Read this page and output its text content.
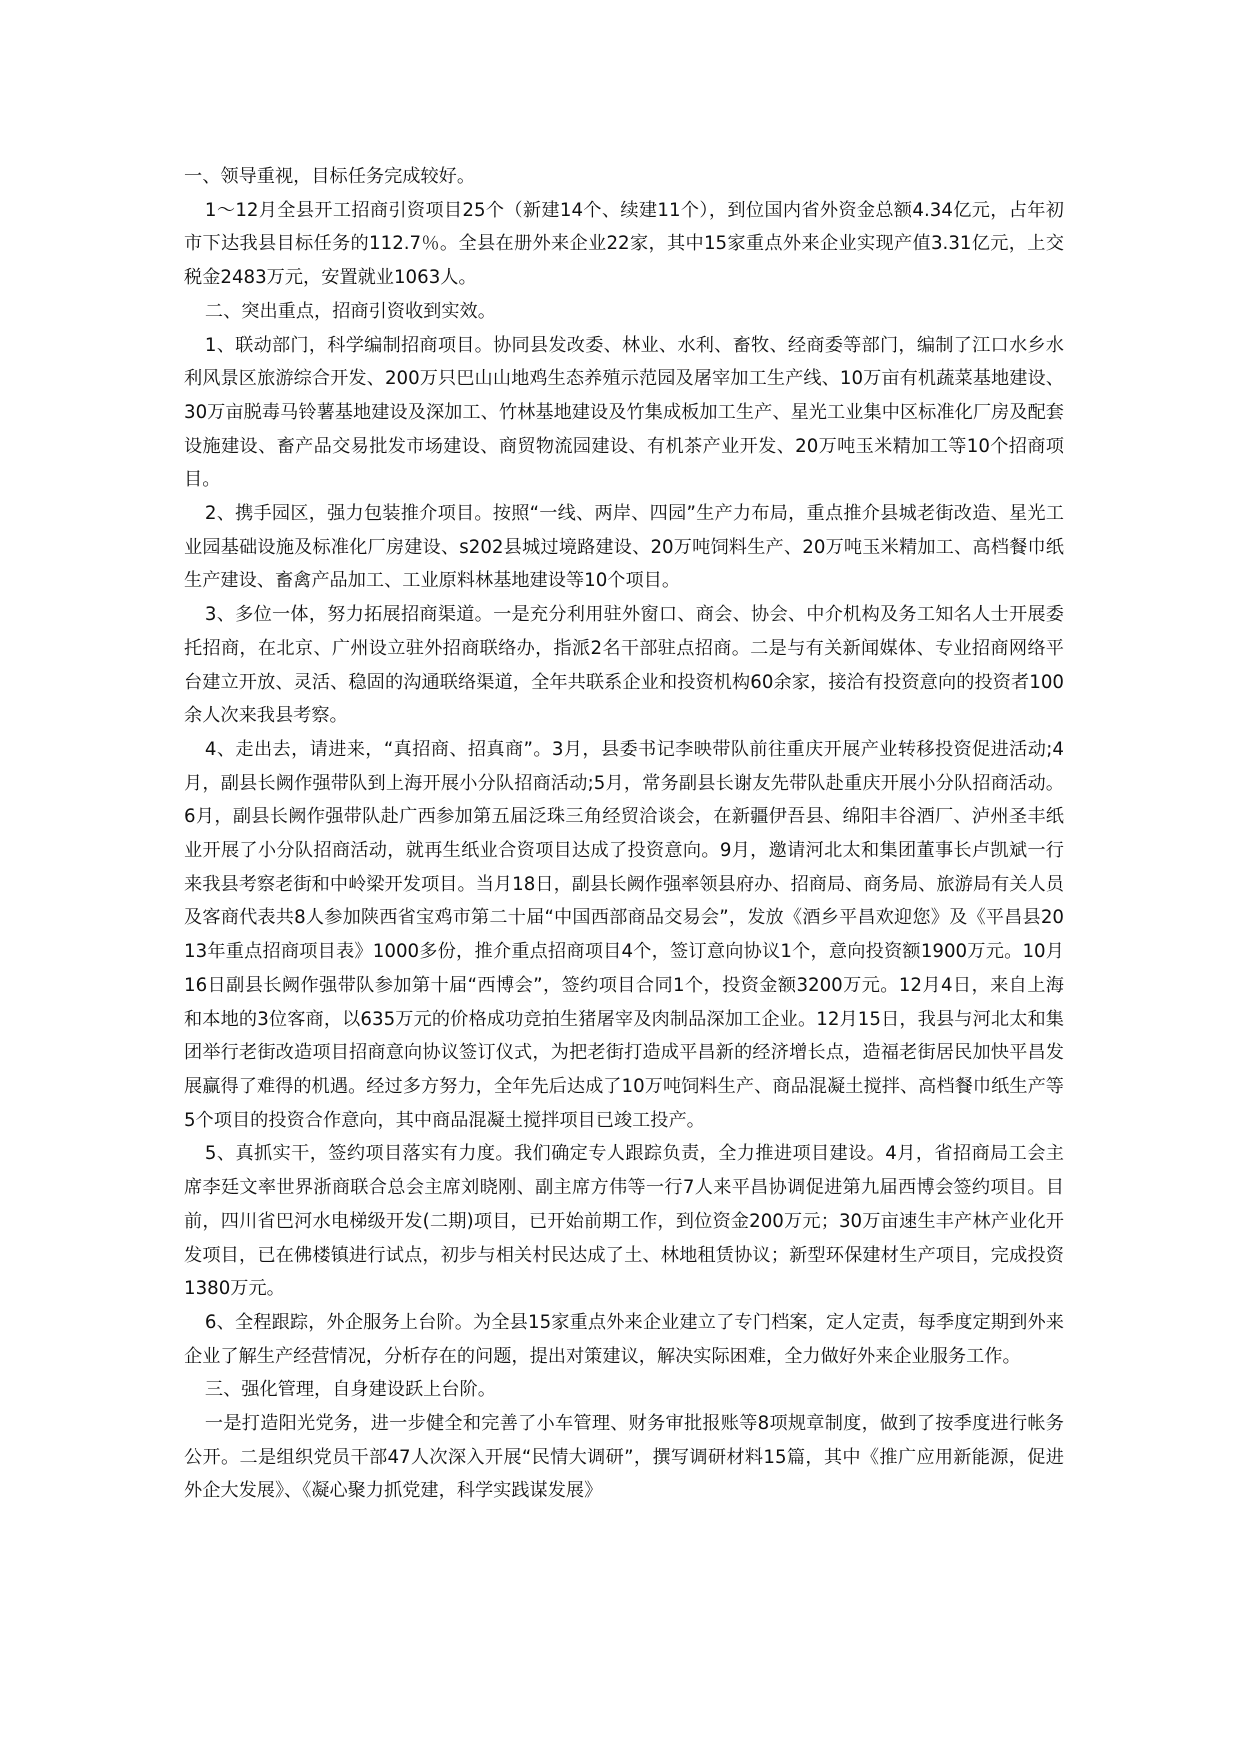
一、领导重视，目标任务完成较好。

1～12月全县开工招商引资项目25个（新建14个、续建11个），到位国内省外资金总额4.34亿元，占年初市下达我县目标任务的112.7％。全县在册外来企业22家，其中15家重点外来企业实现产值3.31亿元，上交税金2483万元，安置就业1063人。

二、突出重点，招商引资收到实效。

1、联动部门，科学编制招商项目。协同县发改委、林业、水利、畜牧、经商委等部门，编制了江口水乡水利风景区旅游综合开发、200万只巴山山地鸡生态养殖示范园及屠宰加工生产线、10万亩有机蔬菜基地建设、30万亩脱毒马铃薯基地建设及深加工、竹林基地建设及竹集成板加工生产、星光工业集中区标准化厂房及配套设施建设、畜产品交易批发市场建设、商贸物流园建设、有机茶产业开发、20万吨玉米精加工等10个招商项目。

2、携手园区，强力包装推介项目。按照“一线、两岸、四园”生产力布局，重点推介县城老街改造、星光工业园基础设施及标准化厂房建设、s202县城过境路建设、20万吨饲料生产、20万吨玉米精加工、高档餐巾纸生产建设、畜禽产品加工、工业原料林基地建设等10个项目。

3、多位一体，努力拓展招商渠道。一是充分利用驻外窗口、商会、协会、中介机构及务工知名人士开展委托招商，在北京、广州设立驻外招商联络办，指派2名干部驻点招商。二是与有关新闻媒体、专业招商网络平台建立开放、灵活、稳固的沟通联络渠道，全年共联系企业和投资机构60余家，接洽有投资意向的投资者100余人次来我县考察。

4、走出去，请进来，“真招商、招真商”。3月，县委书记李映带队前往重庆开展产业转移投资促进活动;4月，副县长阙作强带队到上海开展小分队招商活动;5月，常务副县长谢友先带队赴重庆开展小分队招商活动。6月，副县长阙作强带队赴广西参加第五届泛珠三角经贸洽谈会，在新疆伊吾县、绵阳丰谷酒厂、泸州圣丰纸业开展了小分队招商活动，就再生纸业合资项目达成了投资意向。9月，邀请河北太和集团董事长卢凯斌一行来我县考察老街和中岭梁开发项目。当月18日，副县长阙作强率领县府办、招商局、商务局、旅游局有关人员及客商代表共8人参加陕西省宝鸡市第二十届“中国西部商品交易会”，发放《酒乡平昌欢迎您》及《平昌县2013年重点招商项目表》1000多份，推介重点招商项目4个，签订意向协议1个，意向投资额1900万元。10月16日副县长阙作强带队参加第十届“西博会”，签约项目合同1个，投资金额3200万元。12月4日，来自上海和本地的3位客商，以635万元的价格成功竞拍生猪屠宰及肉制品深加工企业。12月15日，我县与河北太和集团举行老街改造项目招商意向协议签订仪式，为把老街打造成平昌新的经济增长点，造福老街居民加快平昌发展赢得了难得的机遇。经过多方努力，全年先后达成了10万吨饲料生产、商品混凝土搅拌、高档餐巾纸生产等5个项目的投资合作意向，其中商品混凝土搅拌项目已竣工投产。

5、真抓实干，签约项目落实有力度。我们确定专人跟踪负责，全力推进项目建设。4月，省招商局工会主席李廷文率世界浙商联合总会主席刘晓刚、副主席方伟等一行7人来平昌协调促进第九届西博会签约项目。目前，四川省巴河水电梯级开发(二期)项目，已开始前期工作，到位资金200万元；30万亩速生丰产林产业化开发项目，已在佛楼镇进行试点，初步与相关村民达成了土、林地租赁协议；新型环保建材生产项目，完成投资1380万元。

6、全程跟踪，外企服务上台阶。为全县15家重点外来企业建立了专门档案，定人定责，每季度定期到外来企业了解生产经营情况，分析存在的问题，提出对策建议，解决实际困难，全力做好外来企业服务工作。

三、强化管理，自身建设跃上台阶。

一是打造阳光党务，进一步健全和完善了小车管理、财务审批报账等8项规章制度，做到了按季度进行帐务公开。二是组织党员干部47人次深入开展“民情大调研”，撰写调研材料15篇，其中《推广应用新能源，促进外企大发展》、《凝心聚力抓党建，科学实践谋发展》
